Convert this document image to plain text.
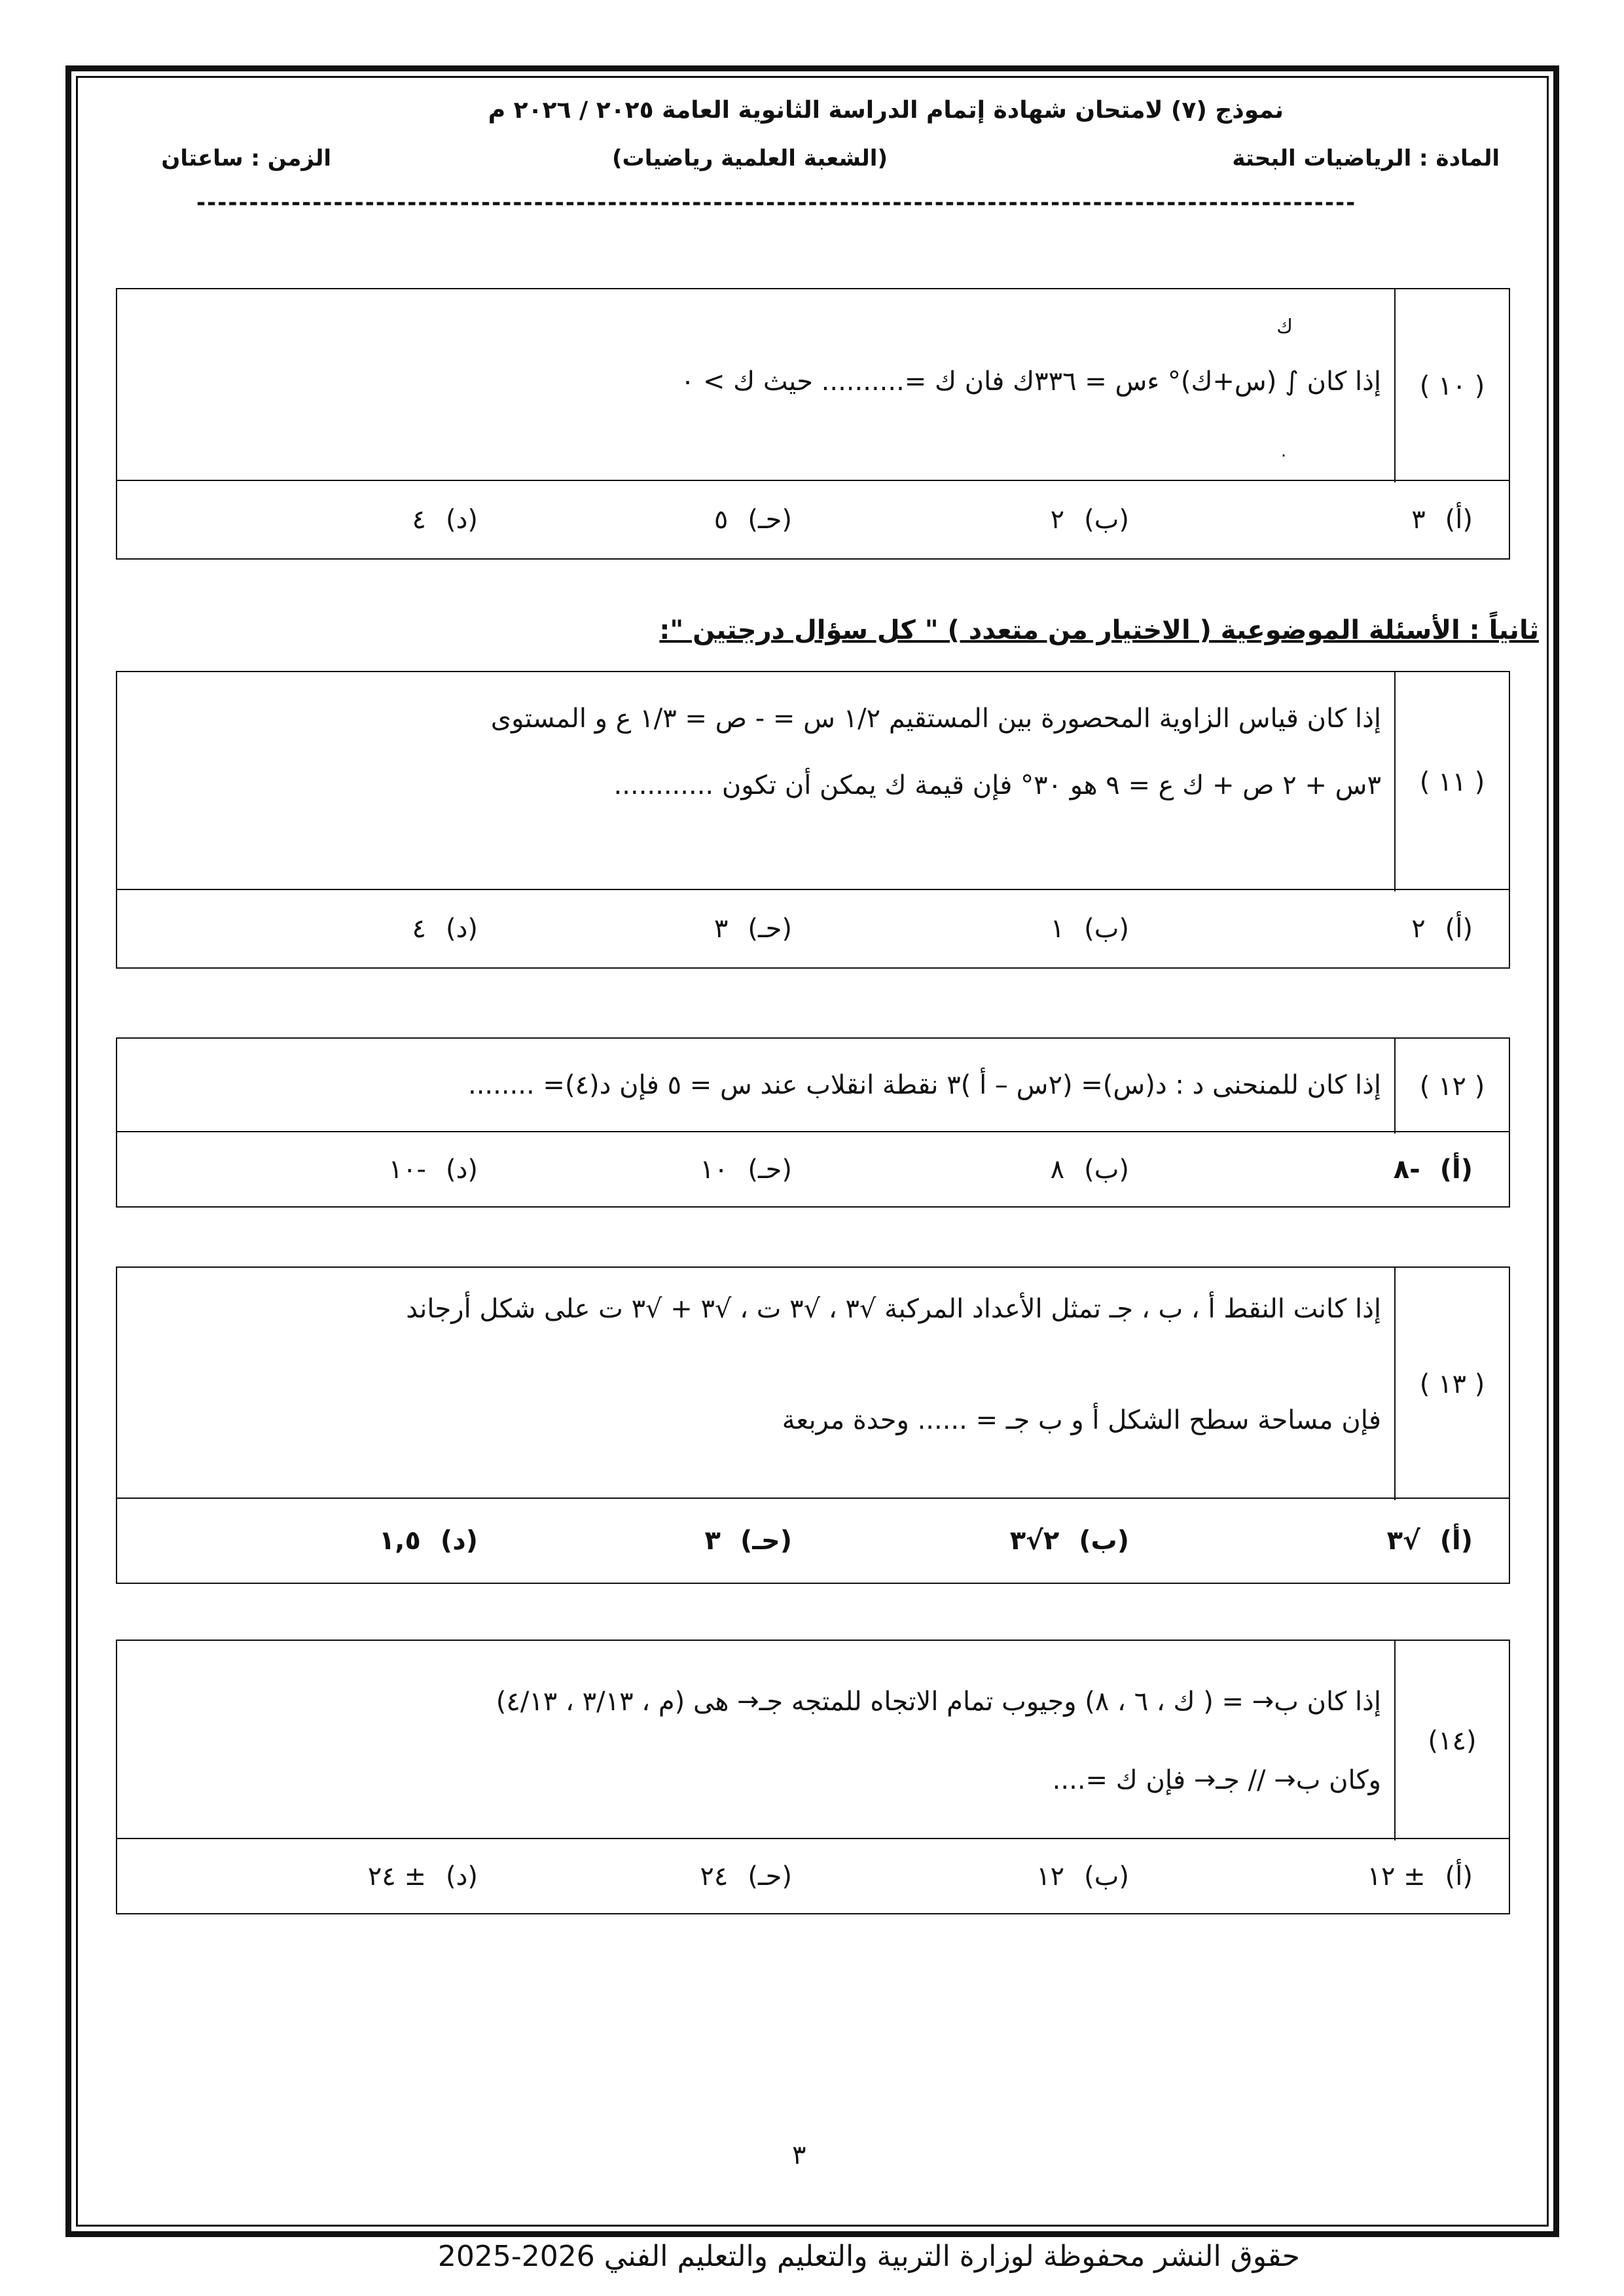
نموذج (٧) لامتحان شهادة إتمام الدراسة الثانوية العامة ٢٠٢٥ / ٢٠٢٦ م
المادة : الرياضيات البحتة
(الشعبة العلمية رياضيات)
الزمن : ساعتان
--------------------------------------------------------------------------------------------------------------
( ١٠ )
إذا كان ∫ (س+ك)° ءس = ٣٣٦ك فان ك =.......... حيث ك > ٠
ك
٠
(أ)
٣
(ب)
٢
(حـ)
٥
(د)
٤
ثانياً : الأسئلة الموضوعية ( الاختيار من متعدد ) " كل سؤال درجتين ":
( ١١ )
إذا كان قياس الزاوية المحصورة بين المستقيم ١/٢ س = - ص = ١/٣ ع و المستوى
٣س + ٢ ص + ك ع = ٩ هو ٣٠° فإن قيمة ك يمكن أن تكون ............
(أ)
٢
(ب)
١
(حـ)
٣
(د)
٤
( ١٢ )
إذا كان للمنحنى د : د(س)= (٢س – أ )٣ نقطة انقلاب عند س = ٥ فإن د(٤)= ........
(أ)
-٨
(ب)
٨
(حـ)
١٠
(د)
-١٠
( ١٣ )
إذا كانت النقط أ ، ب ، جـ تمثل الأعداد المركبة √٣ ، √٣ ت ، √٣ + √٣ ت على شكل أرجاند
فإن مساحة سطح الشكل أ و ب جـ = ...... وحدة مربعة
(أ)
√٣
(ب)
٢√٣
(حـ)
٣
(د)
١,٥
(١٤)
إذا كان ب→ = ( ك ، ٦ ، ٨) وجيوب تمام الاتجاه للمتجه جـ→ هى (م ، ٣/١٣ ، ٤/١٣)
وكان ب→ // جـ→ فإن ك =....
(أ)
± ١٢
(ب)
١٢
(حـ)
٢٤
(د)
± ٢٤
٣
حقوق النشر محفوظة لوزارة التربية والتعليم والتعليم الفني 2026-2025
